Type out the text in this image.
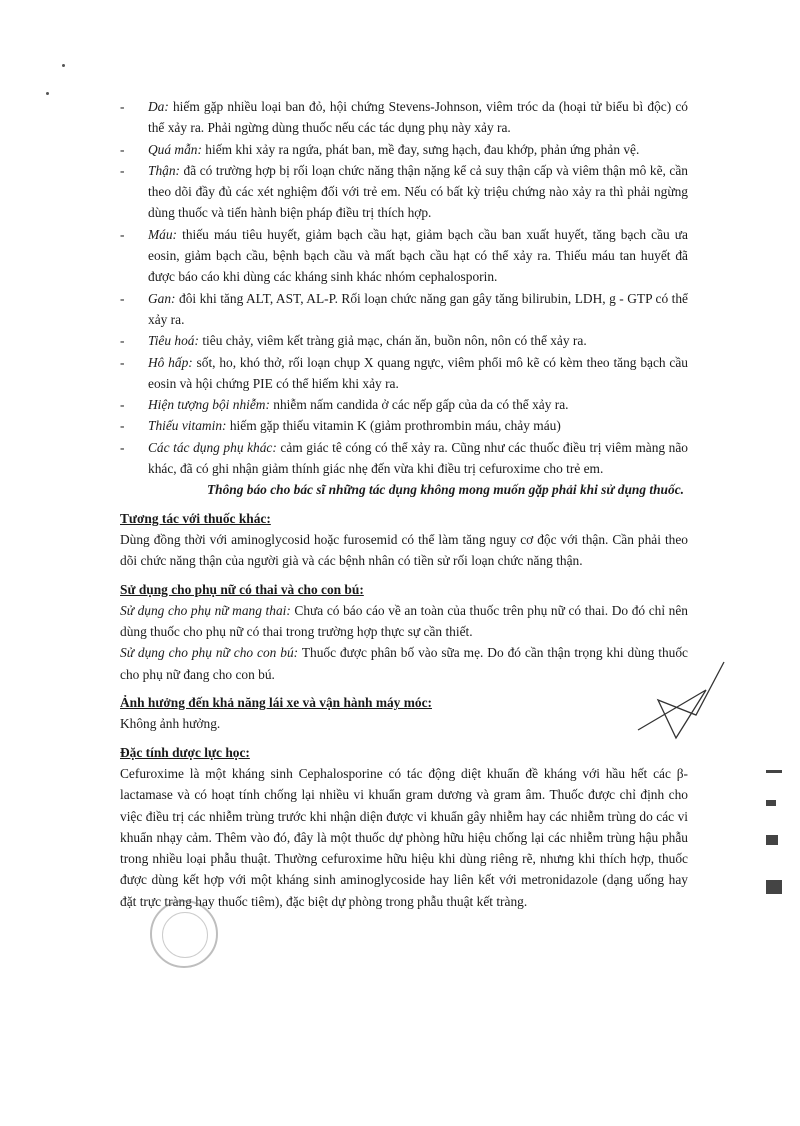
- Da: hiếm gặp nhiều loại ban đỏ, hội chứng Stevens-Johnson, viêm tróc da (hoại tử biểu bì độc) có thể xảy ra. Phải ngừng dùng thuốc nếu các tác dụng phụ này xảy ra.
- Quá mẫn: hiếm khi xảy ra ngứa, phát ban, mề đay, sưng hạch, đau khớp, phản ứng phản vệ.
- Thận: đã có trường hợp bị rối loạn chức năng thận nặng kể cả suy thận cấp và viêm thận mô kẽ, cần theo dõi đầy đủ các xét nghiệm đối với trẻ em. Nếu có bất kỳ triệu chứng nào xảy ra thì phải ngừng dùng thuốc và tiến hành biện pháp điều trị thích hợp.
- Máu: thiếu máu tiêu huyết, giảm bạch cầu hạt, giảm bạch cầu ban xuất huyết, tăng bạch cầu ưa eosin, giảm bạch cầu, bệnh bạch cầu và mất bạch cầu hạt có thể xảy ra. Thiếu máu tan huyết đã được báo cáo khi dùng các kháng sinh khác nhóm cephalosporin.
- Gan: đôi khi tăng ALT, AST, AL-P. Rối loạn chức năng gan gây tăng bilirubin, LDH, g - GTP có thể xảy ra.
- Tiêu hoá: tiêu chảy, viêm kết tràng giả mạc, chán ăn, buồn nôn, nôn có thể xảy ra.
- Hô hấp: sốt, ho, khó thở, rối loạn chụp X quang ngực, viêm phổi mô kẽ có kèm theo tăng bạch cầu eosin và hội chứng PIE có thể hiếm khi xảy ra.
- Hiện tượng bội nhiễm: nhiễm nấm candida ở các nếp gấp của da có thể xảy ra.
- Thiếu vitamin: hiếm gặp thiếu vitamin K (giảm prothrombin máu, chảy máu)
- Các tác dụng phụ khác: cảm giác tê cóng có thể xảy ra. Cũng như các thuốc điều trị viêm màng não khác, đã có ghi nhận giảm thính giác nhẹ đến vừa khi điều trị cefuroxime cho trẻ em.
Thông báo cho bác sĩ những tác dụng không mong muốn gặp phải khi sử dụng thuốc.
Tương tác với thuốc khác:
Dùng đồng thời với aminoglycosid hoặc furosemid có thể làm tăng nguy cơ độc với thận. Cần phải theo dõi chức năng thận của người già và các bệnh nhân có tiền sử rối loạn chức năng thận.
Sử dụng cho phụ nữ có thai và cho con bú:
Sử dụng cho phụ nữ mang thai: Chưa có báo cáo về an toàn của thuốc trên phụ nữ có thai. Do đó chỉ nên dùng thuốc cho phụ nữ có thai trong trường hợp thực sự cần thiết.
Sử dụng cho phụ nữ cho con bú: Thuốc được phân bố vào sữa mẹ. Do đó cần thận trọng khi dùng thuốc cho phụ nữ đang cho con bú.
Ảnh hưởng đến khả năng lái xe và vận hành máy móc:
Không ảnh hưởng.
Đặc tính dược lực học:
Cefuroxime là một kháng sinh Cephalosporine có tác động diệt khuẩn đề kháng với hầu hết các β-lactamase và có hoạt tính chống lại nhiều vi khuẩn gram dương và gram âm. Thuốc được chỉ định cho việc điều trị các nhiễm trùng trước khi nhận diện được vi khuẩn gây nhiễm hay các nhiễm trùng do các vi khuẩn nhạy cảm. Thêm vào đó, đây là một thuốc dự phòng hữu hiệu chống lại các nhiễm trùng hậu phẫu trong nhiều loại phẫu thuật. Thường cefuroxime hữu hiệu khi dùng riêng rẽ, nhưng khi thích hợp, thuốc được dùng kết hợp với một kháng sinh aminoglycoside hay liên kết với metronidazole (dạng uống hay đặt trực tràng hay thuốc tiêm), đặc biệt dự phòng trong phẫu thuật kết tràng.
